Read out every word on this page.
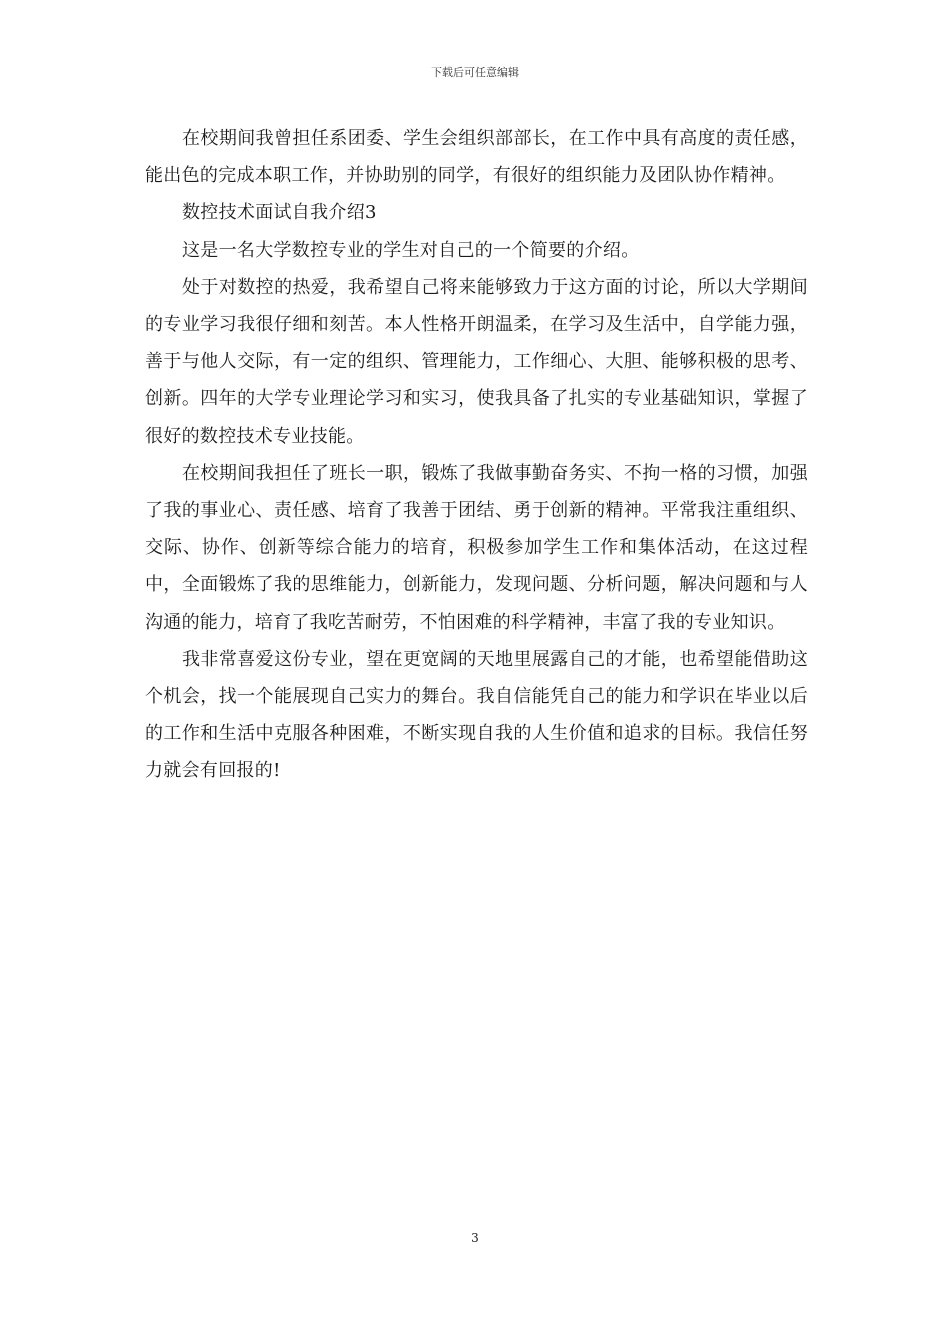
下载后可任意编辑

在校期间我曾担任系团委、学生会组织部部长，在工作中具有高度的责任感，能出色的完成本职工作，并协助别的同学，有很好的组织能力及团队协作精神。

数控技术面试自我介绍3

这是一名大学数控专业的学生对自己的一个简要的介绍。

处于对数控的热爱，我希望自己将来能够致力于这方面的讨论，所以大学期间的专业学习我很仔细和刻苦。本人性格开朗温柔，在学习及生活中，自学能力强，善于与他人交际，有一定的组织、管理能力，工作细心、大胆、能够积极的思考、创新。四年的大学专业理论学习和实习，使我具备了扎实的专业基础知识，掌握了很好的数控技术专业技能。

在校期间我担任了班长一职，锻炼了我做事勤奋务实、不拘一格的习惯，加强了我的事业心、责任感、培育了我善于团结、勇于创新的精神。平常我注重组织、交际、协作、创新等综合能力的培育，积极参加学生工作和集体活动，在这过程中，全面锻炼了我的思维能力，创新能力，发现问题、分析问题，解决问题和与人沟通的能力，培育了我吃苦耐劳，不怕困难的科学精神，丰富了我的专业知识。

我非常喜爱这份专业，望在更宽阔的天地里展露自己的才能，也希望能借助这个机会，找一个能展现自己实力的舞台。我自信能凭自己的能力和学识在毕业以后的工作和生活中克服各种困难，不断实现自我的人生价值和追求的目标。我信任努力就会有回报的!

3
